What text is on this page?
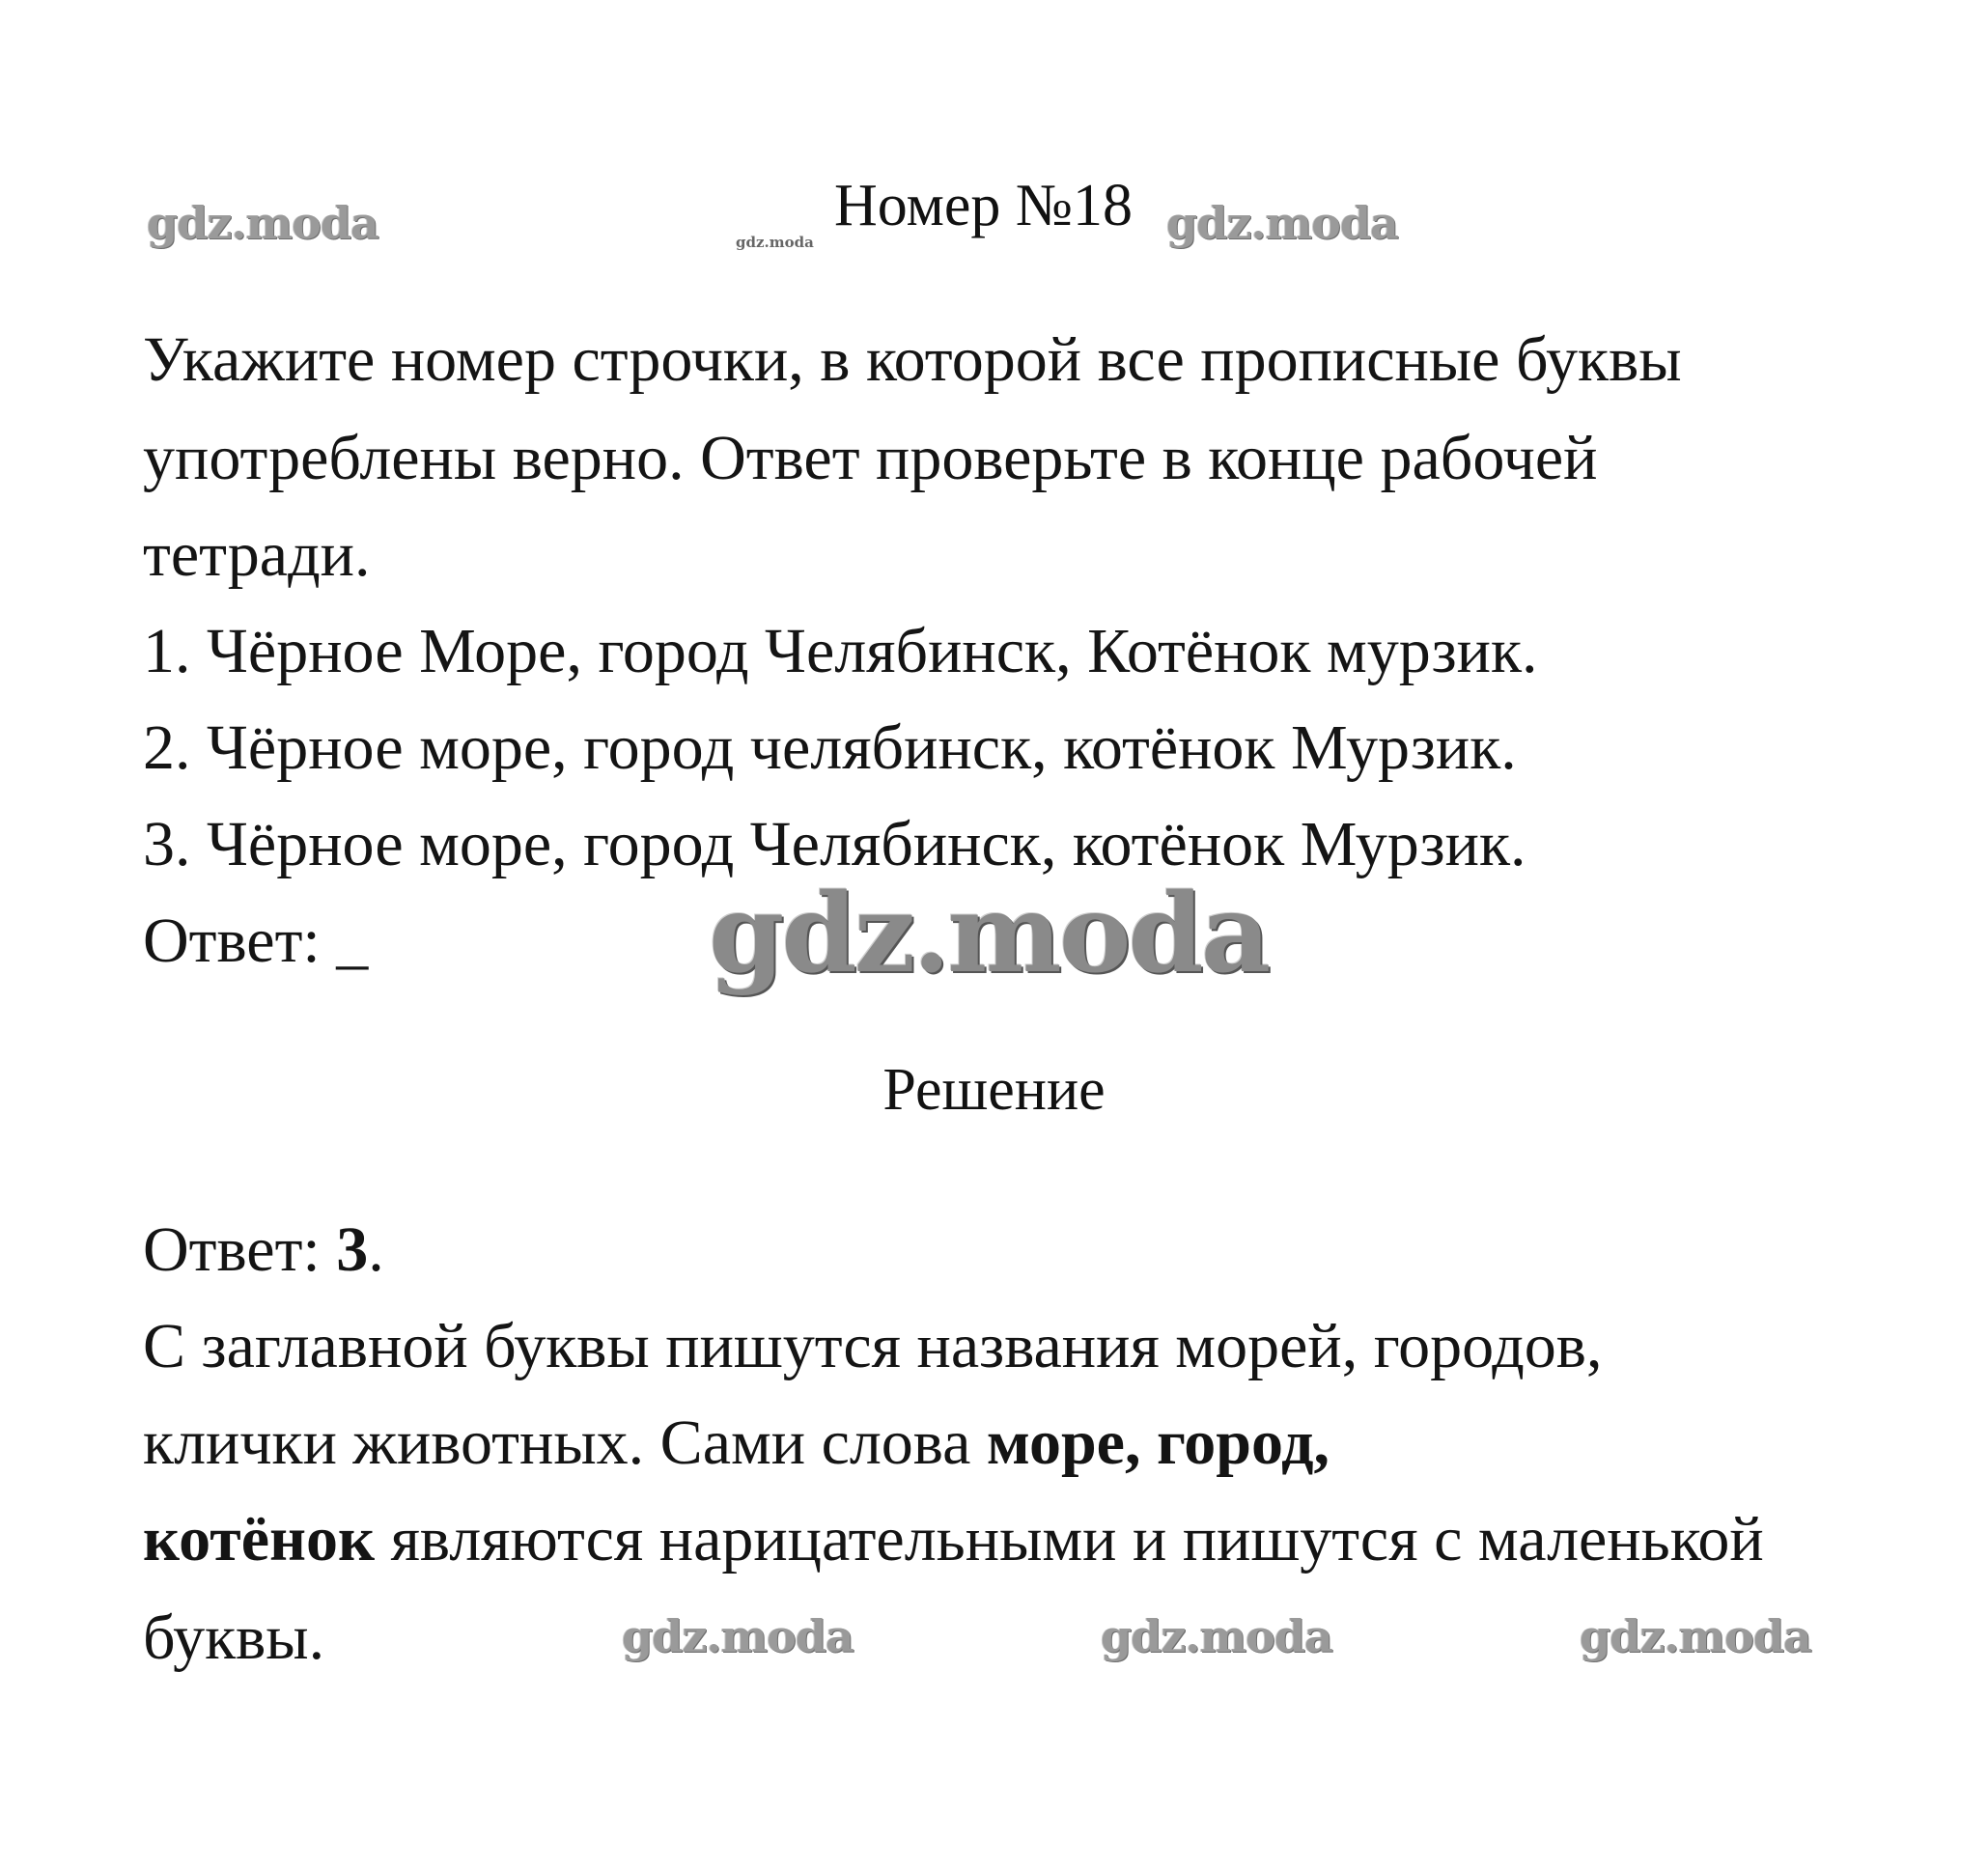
gdz.moda	gdz.moda	gdz.moda
Номер №18
Укажите номер строчки, в которой все прописные буквы
употреблены верно. Ответ проверьте в конце рабочей
тетради.
1. Чёрное Море, город Челябинск, Котёнок мурзик.
2. Чёрное море, город челябинск, котёнок Мурзик.
3. Чёрное море, город Челябинск, котёнок Мурзик.
Ответ: _	gdz.moda
Решение
Ответ: 3.
С заглавной буквы пишутся названия морей, городов,
клички животных. Сами слова море, город,
котёнок являются нарицательными и пишутся с маленькой
буквы.	gdz.moda	gdz.moda	gdz.moda
